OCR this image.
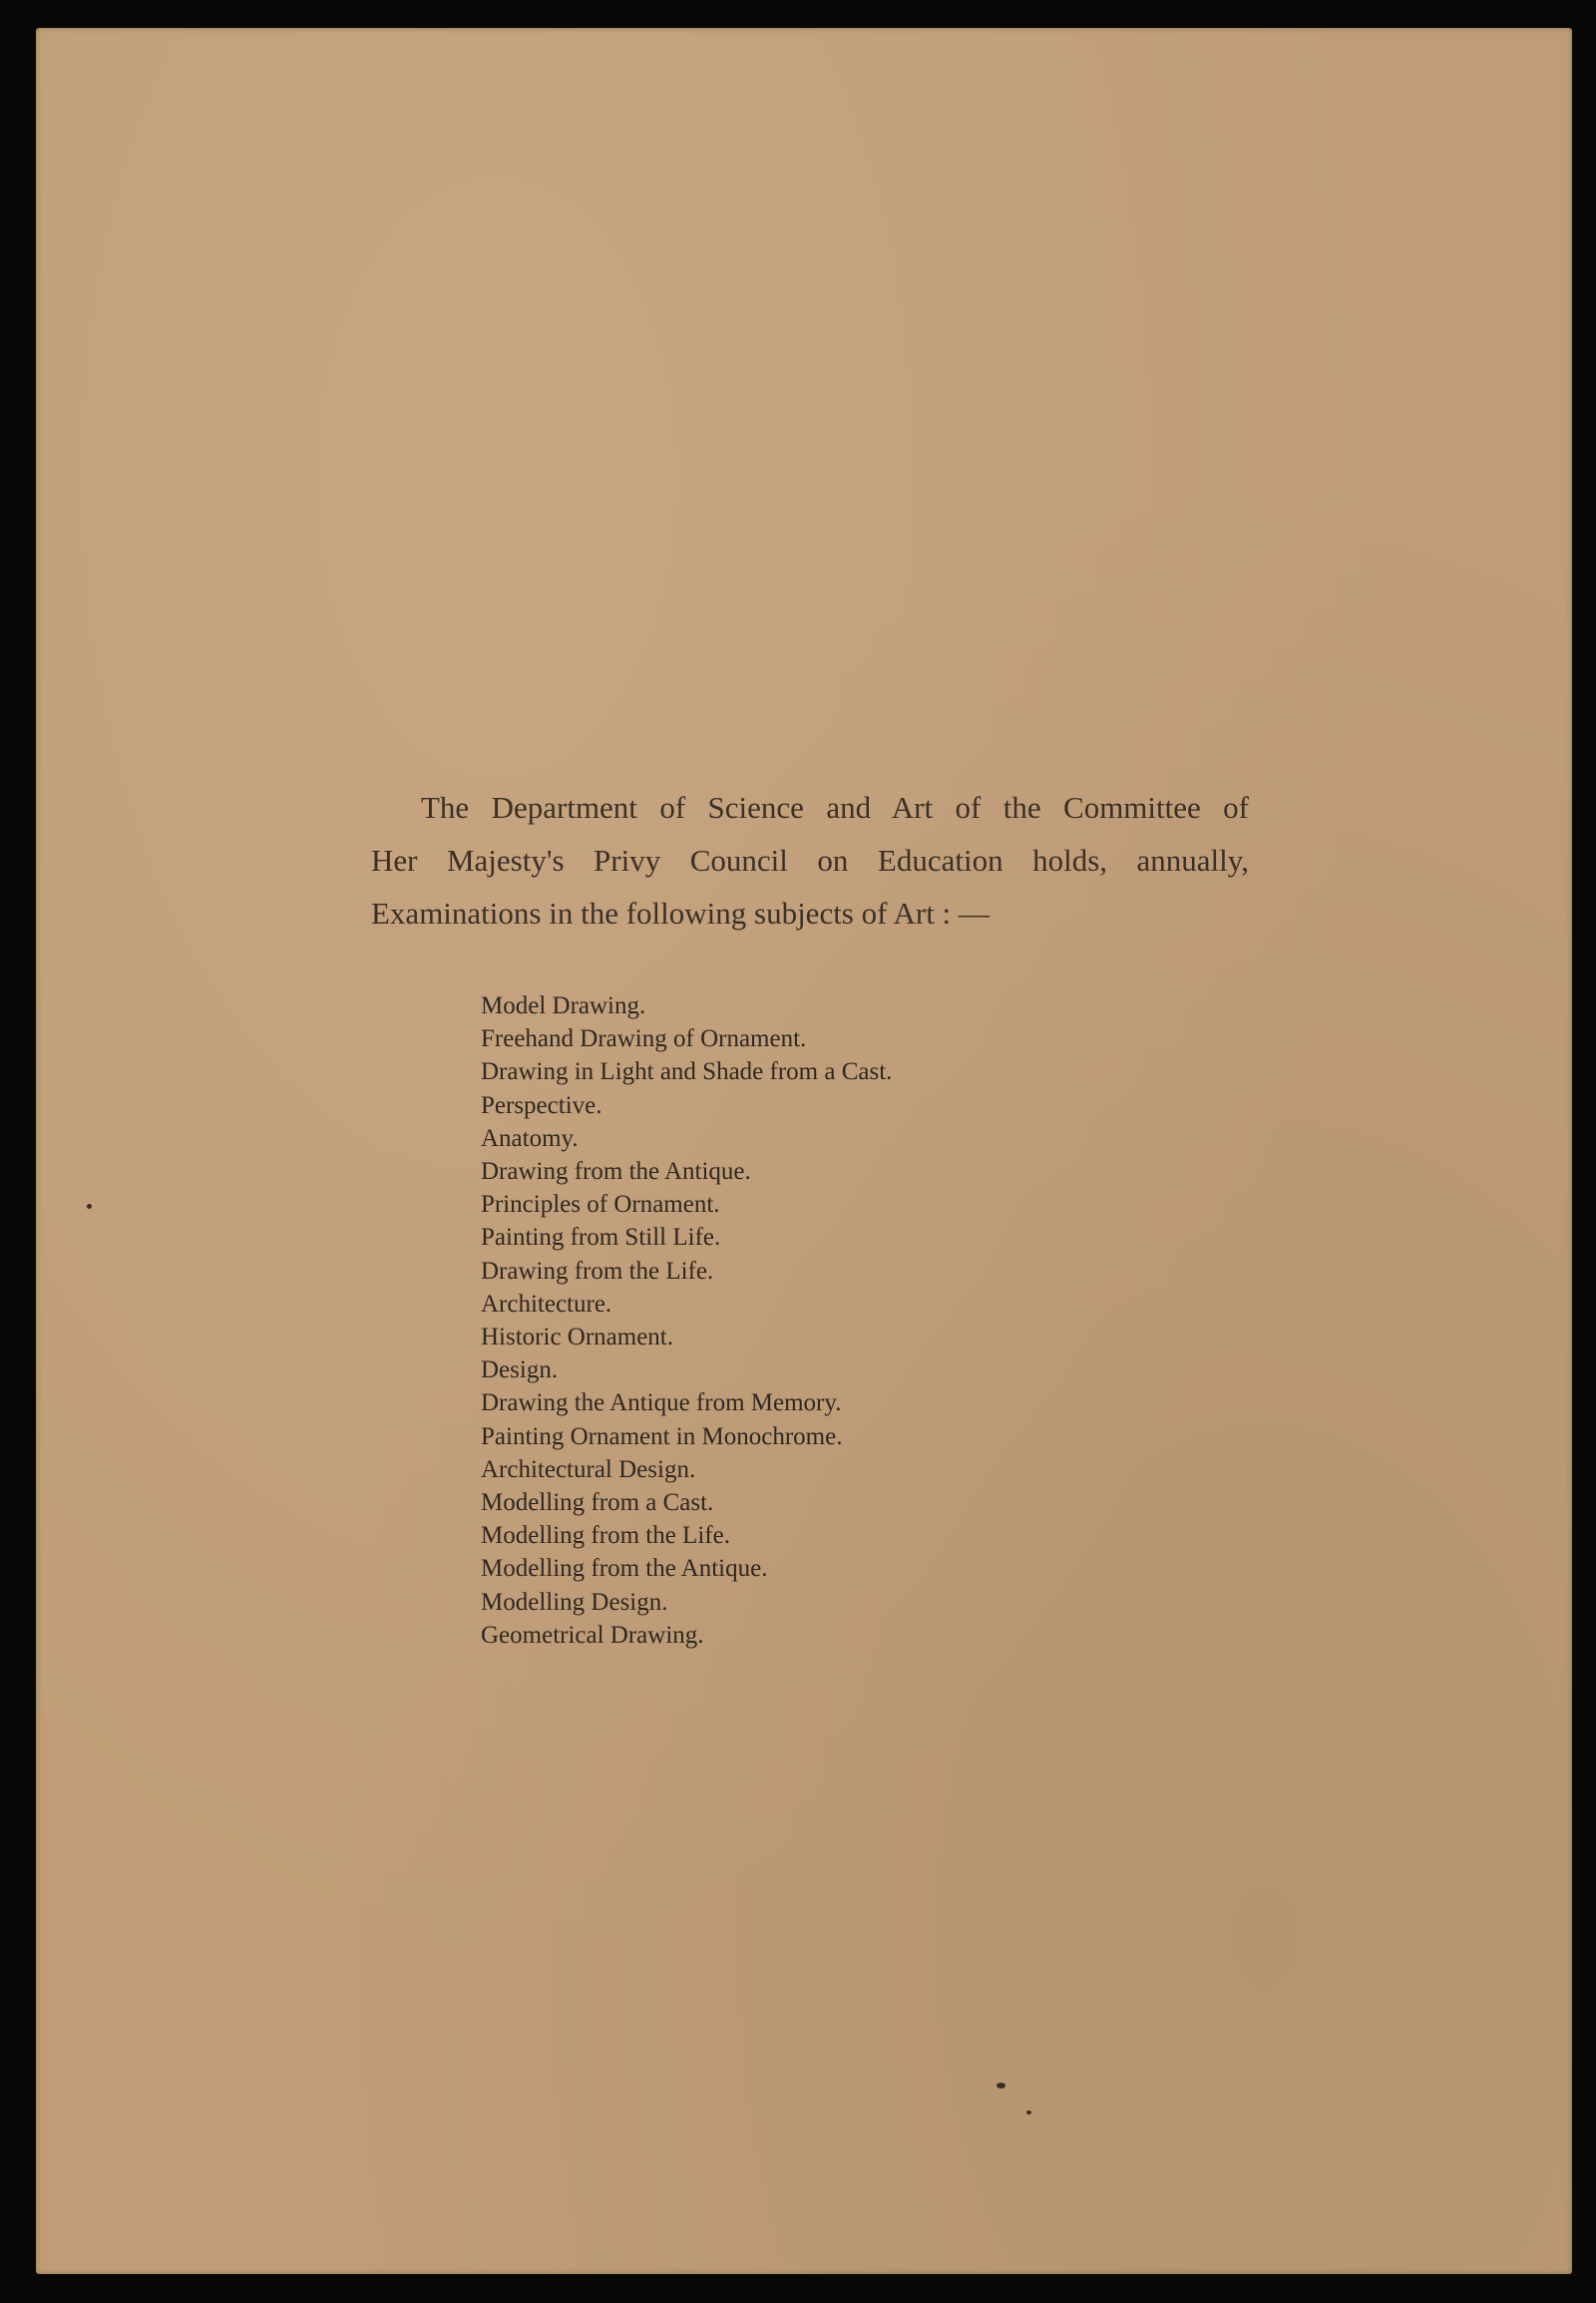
The Department of Science and Art of the Committee of
Her Majesty's Privy Council on Education holds, annually,
Examinations in the following subjects of Art : —
Model Drawing.
Freehand Drawing of Ornament.
Drawing in Light and Shade from a Cast.
Perspective.
Anatomy.
Drawing from the Antique.
Principles of Ornament.
Painting from Still Life.
Drawing from the Life.
Architecture.
Historic Ornament.
Design.
Drawing the Antique from Memory.
Painting Ornament in Monochrome.
Architectural Design.
Modelling from a Cast.
Modelling from the Life.
Modelling from the Antique.
Modelling Design.
Geometrical Drawing.
